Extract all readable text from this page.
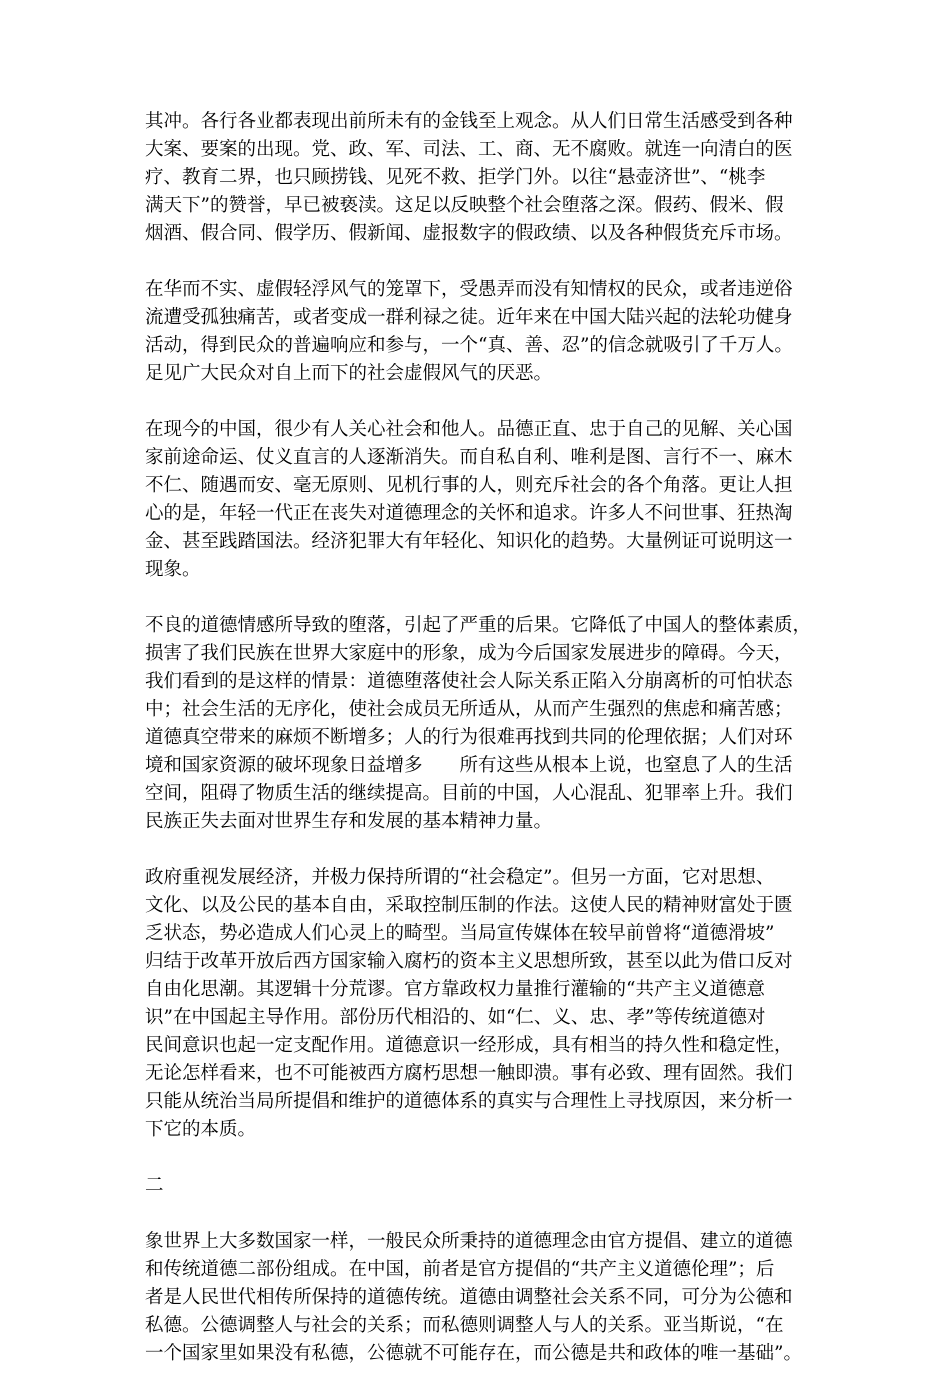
其冲。各行各业都表现出前所未有的金钱至上观念。从人们日常生活感受到各种
大案、要案的出现。党、政、军、司法、工、商、无不腐败。就连一向清白的医
疗、教育二界，也只顾捞钱、见死不救、拒学门外。以往“悬壶济世”、“桃李
满天下”的赞誉，早已被亵渎。这足以反映整个社会堕落之深。假药、假米、假
烟酒、假合同、假学历、假新闻、虚报数字的假政绩、以及各种假货充斥市场。
在华而不实、虚假轻浮风气的笼罩下，受愚弄而没有知情权的民众，或者违逆俗
流遭受孤独痛苦，或者变成一群利禄之徒。近年来在中国大陆兴起的法轮功健身
活动，得到民众的普遍响应和参与，一个“真、善、忍”的信念就吸引了千万人。
足见广大民众对自上而下的社会虚假风气的厌恶。
在现今的中国，很少有人关心社会和他人。品德正直、忠于自己的见解、关心国
家前途命运、仗义直言的人逐渐消失。而自私自利、唯利是图、言行不一、麻木
不仁、随遇而安、毫无原则、见机行事的人，则充斥社会的各个角落。更让人担
心的是，年轻一代正在丧失对道德理念的关怀和追求。许多人不问世事、狂热淘
金、甚至践踏国法。经济犯罪大有年轻化、知识化的趋势。大量例证可说明这一
现象。
不良的道德情感所导致的堕落，引起了严重的后果。它降低了中国人的整体素质，
损害了我们民族在世界大家庭中的形象，成为今后国家发展进步的障碍。今天，
我们看到的是这样的情景：道德堕落使社会人际关系正陷入分崩离析的可怕状态
中；社会生活的无序化，使社会成员无所适从，从而产生强烈的焦虑和痛苦感；
道德真空带来的麻烦不断增多；人的行为很难再找到共同的伦理依据；人们对环
境和国家资源的破坏现象日益增多　　所有这些从根本上说，也窒息了人的生活
空间，阻碍了物质生活的继续提高。目前的中国，人心混乱、犯罪率上升。我们
民族正失去面对世界生存和发展的基本精神力量。
政府重视发展经济，并极力保持所谓的“社会稳定”。但另一方面，它对思想、
文化、以及公民的基本自由，采取控制压制的作法。这使人民的精神财富处于匮
乏状态，势必造成人们心灵上的畸型。当局宣传媒体在较早前曾将“道德滑坡”
归结于改革开放后西方国家输入腐朽的资本主义思想所致，甚至以此为借口反对
自由化思潮。其逻辑十分荒谬。官方靠政权力量推行灌输的“共产主义道德意
识”在中国起主导作用。部份历代相沿的、如“仁、义、忠、孝”等传统道德对
民间意识也起一定支配作用。道德意识一经形成，具有相当的持久性和稳定性，
无论怎样看来，也不可能被西方腐朽思想一触即溃。事有必致、理有固然。我们
只能从统治当局所提倡和维护的道德体系的真实与合理性上寻找原因，来分析一
下它的本质。
二
象世界上大多数国家一样，一般民众所秉持的道德理念由官方提倡、建立的道德
和传统道德二部份组成。在中国，前者是官方提倡的“共产主义道德伦理”；后
者是人民世代相传所保持的道德传统。道德由调整社会关系不同，可分为公德和
私德。公德调整人与社会的关系；而私德则调整人与人的关系。亚当斯说，“在
一个国家里如果没有私德，公德就不可能存在，而公德是共和政体的唯一基础”。
